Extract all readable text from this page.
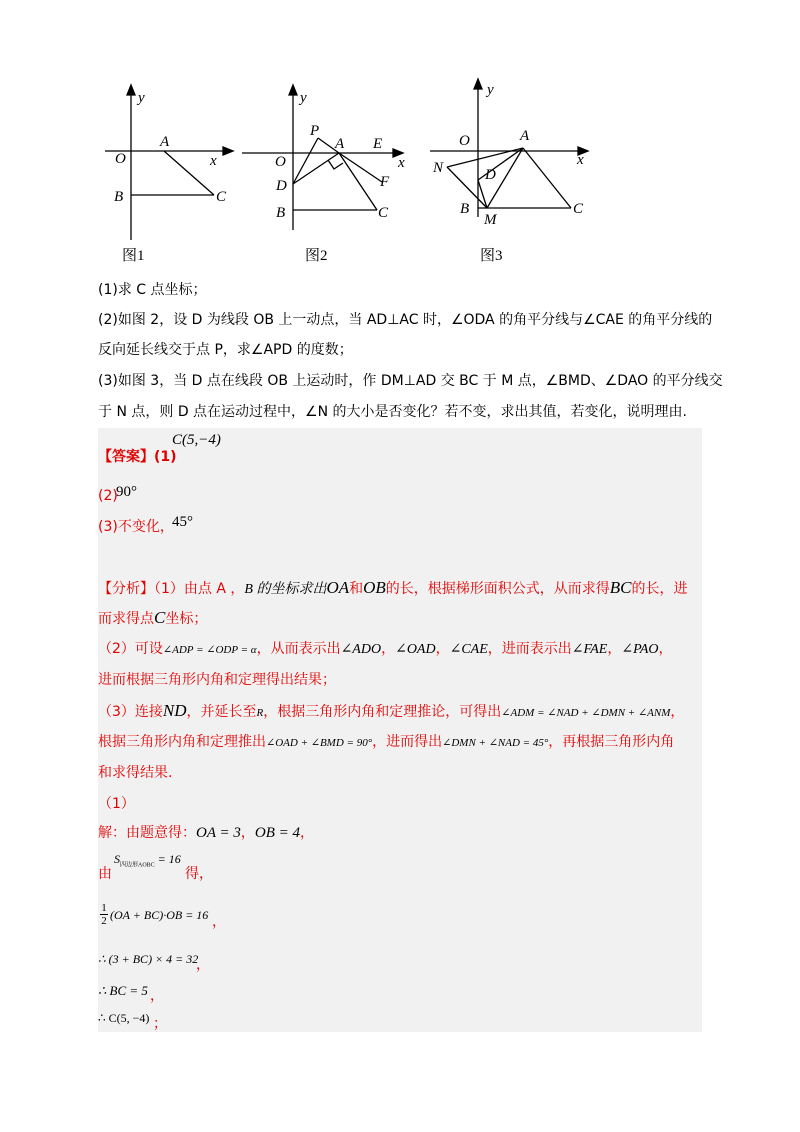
y
O
A
x
B	C
图1
y
P
A E
O	x
D	F
B	C
图2
y
O	A
x
N	D
B
M
C
图3
(1)求 C 点坐标；
(2)如图 2，设 D 为线段 OB 上一动点，当 AD⊥AC 时，∠ODA 的角平分线与∠CAE 的角平分线的
反向延长线交于点 P，求∠APD 的度数；
(3)如图 3，当 D 点在线段 OB 上运动时，作 DM⊥AD 交 BC 于 M 点，∠BMD、∠DAO 的平分线交
于 N 点，则 D 点在运动过程中，∠N 的大小是否变化？若不变，求出其值，若变化，说明理由.
【答案】(1)
C(5,−4)
(2)
90°
(3)不变化，
45°
【分析】（1）由点 A ，B 的坐标求出OA和OB的长，根据梯形面积公式，从而求得BC的长，进
而求得点C坐标；
（2）可设∠ADP = ∠ODP = α，从而表示出∠ADO，∠OAD，∠CAE，进而表示出∠FAE，∠PAO，
进而根据三角形内角和定理得出结果；
（3）连接ND，并延长至R，根据三角形内角和定理推论，可得出∠ADM = ∠NAD + ∠DMN + ∠ANM，
根据三角形内角和定理推出∠OAD + ∠BMD = 90°，进而得出∠DMN + ∠NAD = 45°，再根据三角形内角
和求得结果.
（1）
解：由题意得：OA = 3，OB = 4，
$S_{四边形AOBC} = 16$
由	得，
$\frac{1}{2} (OA + BC)\cdot OB = 16$ ，
∴ (3 + BC) × 4 = 32
，
∴ BC = 5 ，
∴ C(5, −4) ；
